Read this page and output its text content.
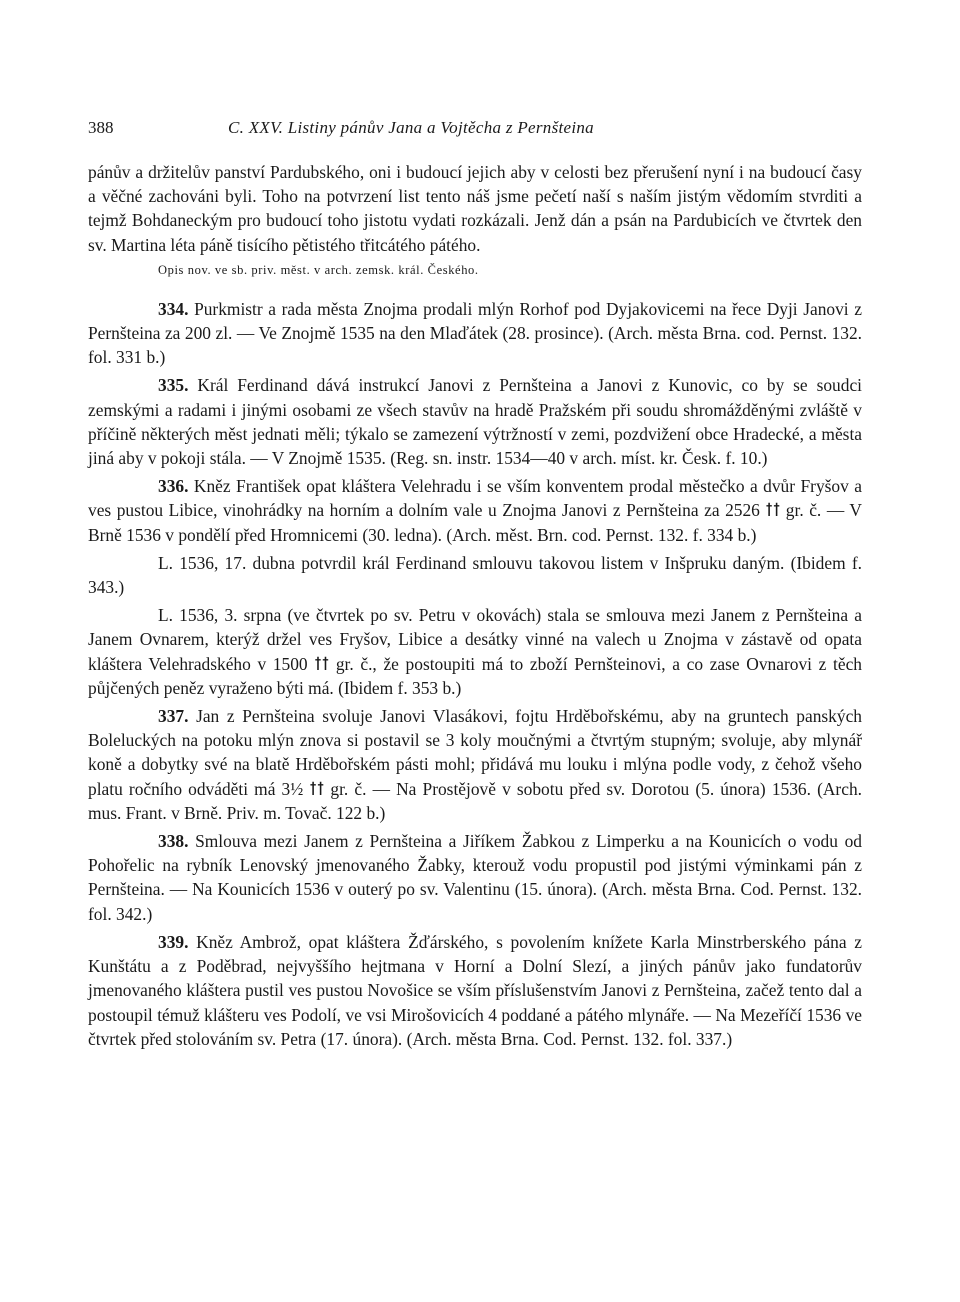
388	C. XXV. Listiny pánův Jana a Vojtěcha z Pernšteina

pánův a držitelův panství Pardubského, oni i budoucí jejich aby v celosti bez přerušení nyní i na budoucí časy a věčné zachováni byli. Toho na potvrzení list tento náš jsme pečetí naší s naším jistým vědomím stvrditi a tejmž Bohdaneckým pro budoucí toho jistotu vydati rozkázali. Jenž dán a psán na Pardubicích ve čtvrtek den sv. Martina léta páně tisícího pětistého třitcátého pátého.

Opis nov. ve sb. priv. měst. v arch. zemsk. král. Českého.

334. Purkmistr a rada města Znojma prodali mlýn Rorhof pod Dyjakovicemi na řece Dyji Janovi z Pernšteina za 200 zl. — Ve Znojmě 1535 na den Mlaďátek (28. prosince). (Arch. města Brna. cod. Pernst. 132. fol. 331 b.)

335. Král Ferdinand dává instrukcí Janovi z Pernšteina a Janovi z Kunovic, co by se soudci zemskými a radami i jinými osobami ze všech stavův na hradě Pražském při soudu shromážděnými zvláště v příčině některých měst jednati měli; týkalo se zamezení výtržností v zemi, pozdvižení obce Hradecké, a města jiná aby v pokoji stála. — V Znojmě 1535. (Reg. sn. instr. 1534—40 v arch. míst. kr. Česk. f. 10.)

336. Kněz František opat kláštera Velehradu i se vším konventem prodal městečko a dvůr Fryšov a ves pustou Libice, vinohrádky na horním a dolním vale u Znojma Janovi z Pernšteina za 2526 ꝉꝉ gr. č. — V Brně 1536 v pondělí před Hromnicemi (30. ledna). (Arch. měst. Brn. cod. Pernst. 132. f. 334 b.)

L. 1536, 17. dubna potvrdil král Ferdinand smlouvu takovou listem v Inšpruku daným. (Ibidem f. 343.)

L. 1536, 3. srpna (ve čtvrtek po sv. Petru v okovách) stala se smlouva mezi Janem z Pernšteina a Janem Ovnarem, kterýž držel ves Fryšov, Libice a desátky vinné na valech u Znojma v zástavě od opata kláštera Velehradského v 1500 ꝉꝉ gr. č., že postoupiti má to zboží Pernšteinovi, a co zase Ovnarovi z těch půjčených peněz vyraženo býti má. (Ibidem f. 353 b.)

337. Jan z Pernšteina svoluje Janovi Vlasákovi, fojtu Hrděbořskému, aby na gruntech panských Boleluckých na potoku mlýn znova si postavil se 3 koly moučnými a čtvrtým stupným; svoluje, aby mlynář koně a dobytky své na blatě Hrděbořském pásti mohl; přidává mu louku i mlýna podle vody, z čehož všeho platu ročního odváděti má 3½ ꝉꝉ gr. č. — Na Prostějově v sobotu před sv. Dorotou (5. února) 1536. (Arch. mus. Frant. v Brně. Priv. m. Tovač. 122 b.)

338. Smlouva mezi Janem z Pernšteina a Jiříkem Žabkou z Limperku a na Kounicích o vodu od Pohořelic na rybník Lenovský jmenovaného Žabky, kterouž vodu propustil pod jistými výminkami pán z Pernšteina. — Na Kounicích 1536 v outerý po sv. Valentinu (15. února). (Arch. města Brna. Cod. Pernst. 132. fol. 342.)

339. Kněz Ambrož, opat kláštera Žďárského, s povolením knížete Karla Minstrberského pána z Kunštátu a z Poděbrad, nejvyššího hejtmana v Horní a Dolní Slezí, a jiných pánův jako fundatorův jmenovaného kláštera pustil ves pustou Novošice se vším příslušenstvím Janovi z Pernšteina, začež tento dal a postoupil témuž klášteru ves Podolí, ve vsi Mirošovicích 4 poddané a pátého mlynáře. — Na Mezeříčí 1536 ve čtvrtek před stolováním sv. Petra (17. února). (Arch. města Brna. Cod. Pernst. 132. fol. 337.)
